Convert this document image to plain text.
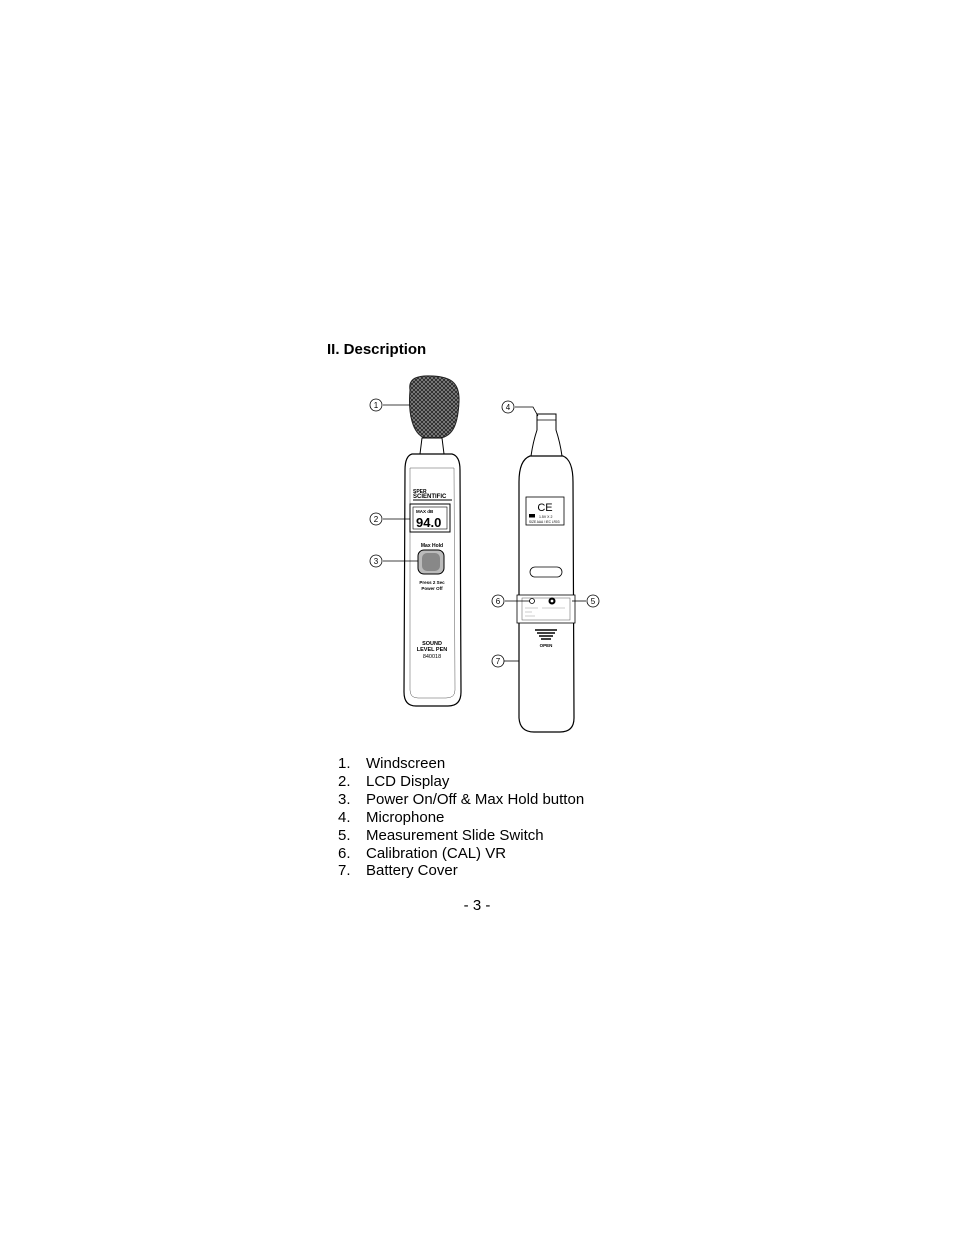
II. Description
SPER
SCIENTIFIC
MAX dB
94.0
Max Hold
Press 2 Sec
Power Off
SOUND
LEVEL PEN
840018
CE
1.5V X 2
SIZE AAA / IEC LR03
OPEN
1
2
3
4
5
6
7
1.	Windscreen
2.	LCD Display
3.	Power On/Off & Max Hold button
4.	Microphone
5.	Measurement Slide Switch
6.	Calibration (CAL) VR
7.	Battery Cover
- 3 -
